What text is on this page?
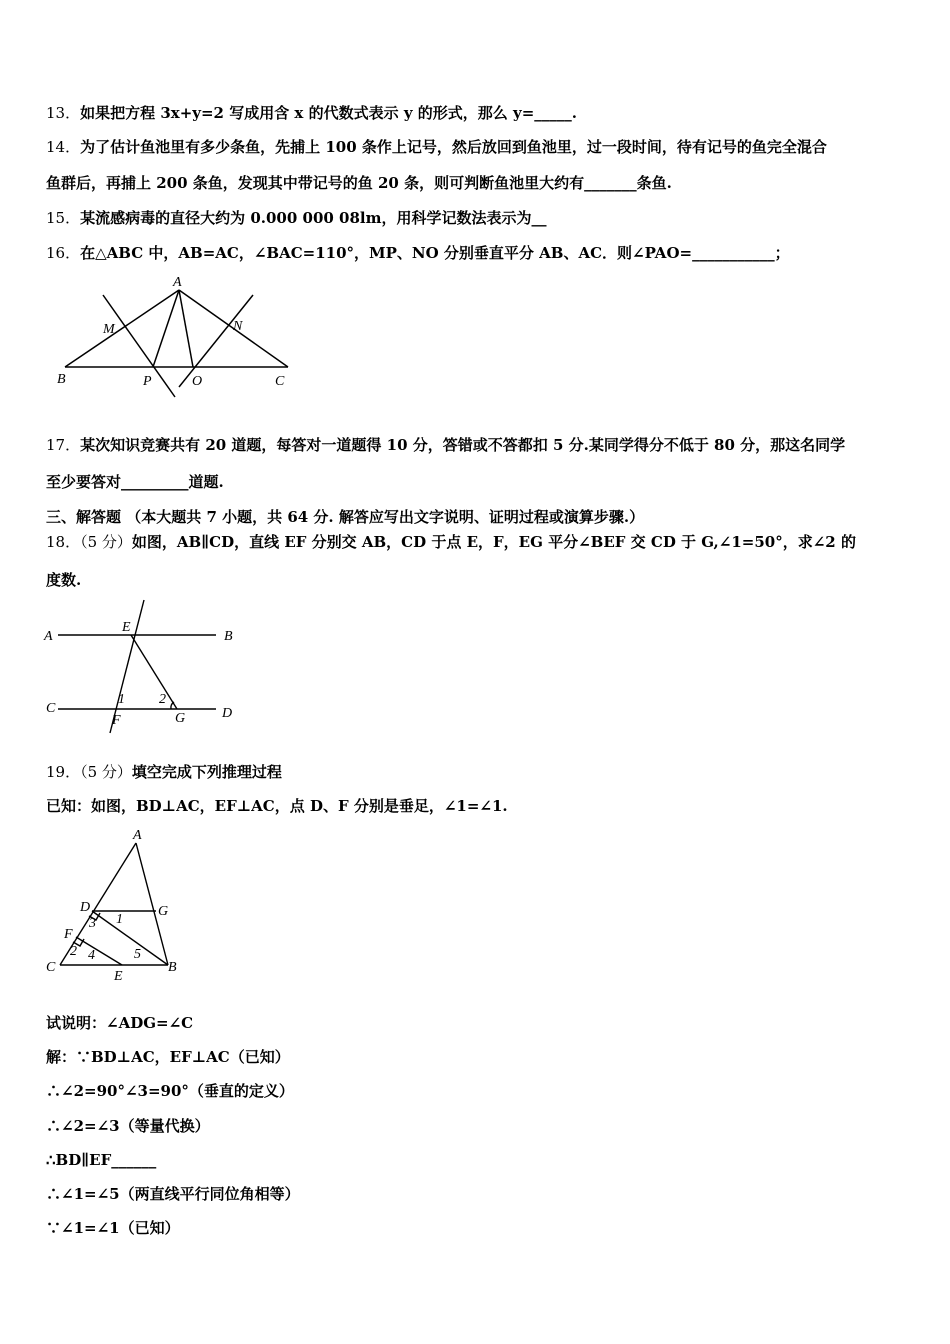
13．如果把方程 3x+y=2 写成用含 x 的代数式表示 y 的形式，那么 y=_____.
14．为了估计鱼池里有多少条鱼，先捕上 100 条作上记号，然后放回到鱼池里，过一段时间，待有记号的鱼完全混合
鱼群后，再捕上 200 条鱼，发现其中带记号的鱼 20 条，则可判断鱼池里大约有_______条鱼.
15．某流感病毒的直径大约为 0.000 000 08lm，用科学记数法表示为__
16．在△ABC 中，AB=AC，∠BAC=110°，MP、NO 分别垂直平分 AB、AC．则∠PAO=___________；
A
B	C
M	N
P	O
17．某次知识竞赛共有 20 道题，每答对一道题得 10 分，答错或不答都扣 5 分.某同学得分不低于 80 分，那这名同学
至少要答对_________道题.
三、解答题 （本大题共 7 小题，共 64 分. 解答应写出文字说明、证明过程或演算步骤.）
18．（5 分）如图，AB∥CD，直线 EF 分别交 AB，CD 于点 E，F，EG 平分∠BEF 交 CD 于 G,∠1=50°，求∠2 的
度数.
A	B
E
C	D
F	G
1 2
19．（5 分）填空完成下列推理过程
已知：如图，BD⊥AC，EF⊥AC，点 D、F 分别是垂足，∠1=∠1.
A
D	G
F
C	B
E
1
2
3
4	5
试说明：∠ADG=∠C
解：∵BD⊥AC，EF⊥AC（已知）
∴∠2=90°∠3=90°（垂直的定义）
∴∠2=∠3（等量代换）
∴BD∥EF______
∴∠1=∠5（两直线平行同位角相等）
∵∠1=∠1（已知）
